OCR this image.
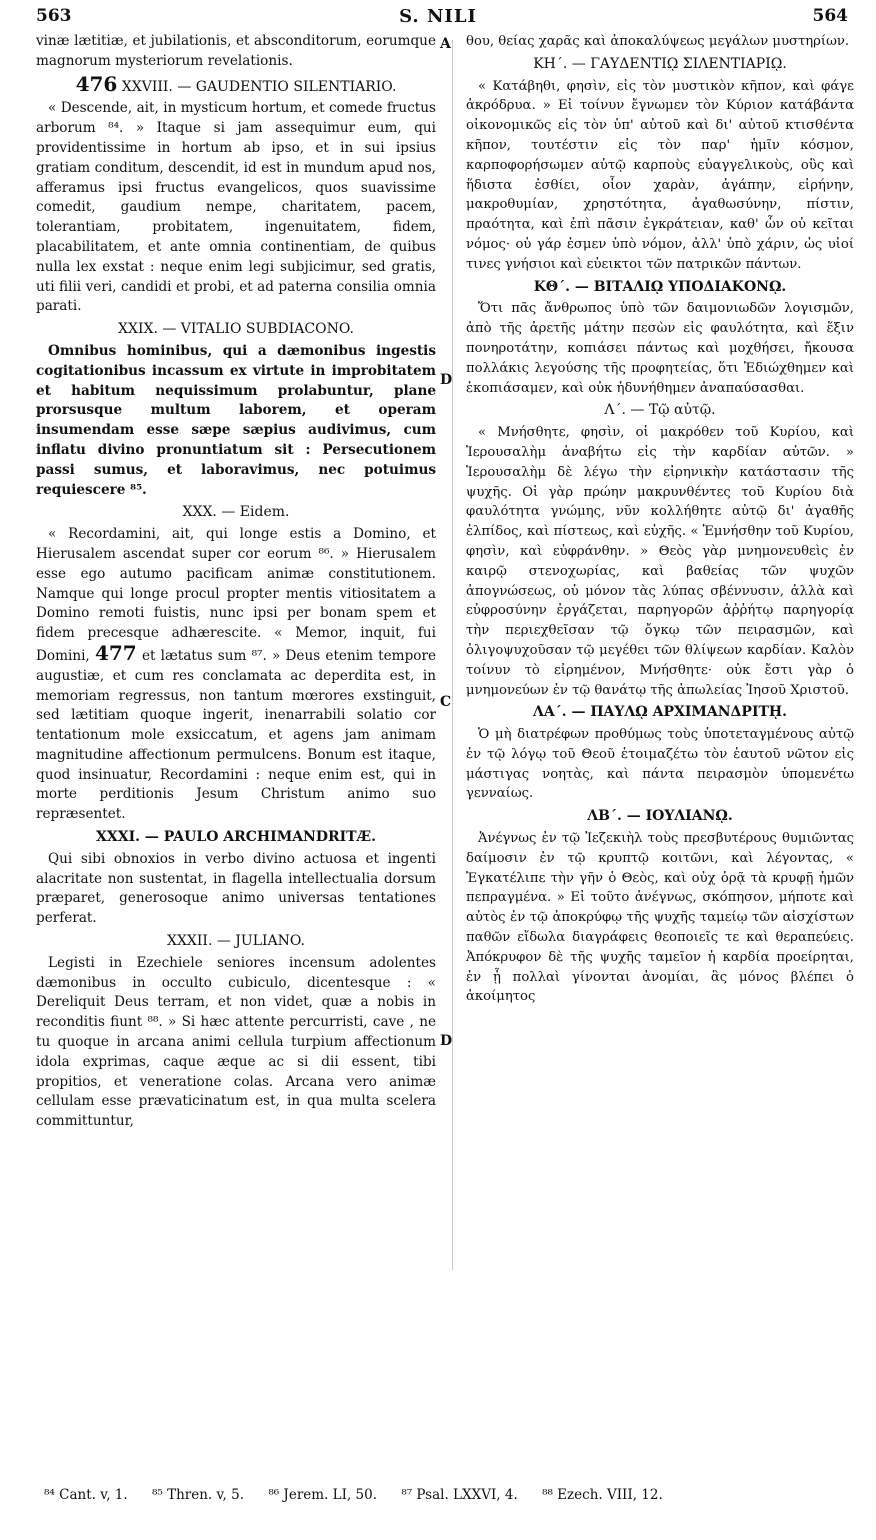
563	S. NILI	564
A
D
C
D

vinæ lætitiæ, et jubilationis, et absconditorum, eorumque magnorum mysteriorum revelationis.

476 XXVIII. — GAUDENTIO SILENTIARIO.

« Descende, ait, in mysticum hortum, et comede fructus arborum ⁸⁴. » Itaque si jam assequimur eum, qui providentissime in hortum ab ipso, et in sui ipsius gratiam conditum, descendit, id est in mundum apud nos, afferamus ipsi fructus evangelicos, quos suavissime comedit, gaudium nempe, charitatem, pacem, tolerantiam, probitatem, ingenuitatem, fidem, placabilitatem, et ante omnia continentiam, de quibus nulla lex exstat : neque enim legi subjicimur, sed gratis, uti filii veri, candidi et probi, et ad paterna consilia omnia parati.

XXIX. — VITALIO SUBDIACONO.

Omnibus hominibus, qui a dæmonibus ingestis cogitationibus incassum ex virtute in improbitatem et habitum nequissimum prolabuntur, plane prorsusque multum laborem, et operam insumendam esse sæpe sæpius audivimus, cum inflatu divino pronuntiatum sit : Persecutionem passi sumus, et laboravimus, nec potuimus requiescere ⁸⁵.

XXX. — Eidem.

« Recordamini, ait, qui longe estis a Domino, et Hierusalem ascendat super cor eorum ⁸⁶. » Hierusalem esse ego autumo pacificam animæ constitutionem. Namque qui longe procul propter mentis vitiositatem a Domino remoti fuistis, nunc ipsi per bonam spem et fidem precesque adhærescite. « Memor, inquit, fui Domini, 477 et lætatus sum ⁸⁷. » Deus etenim tempore augustiæ, et cum res conclamata ac deperdita est, in memoriam regressus, non tantum mœrores exstinguit, sed lætitiam quoque ingerit, inenarrabili solatio cor tentationum mole exsiccatum, et agens jam animam magnitudine affectionum permulcens. Bonum est itaque, quod insinuatur, Recordamini : neque enim est, qui in morte perditionis Jesum Christum animo suo repræsentet.

XXXI. — PAULO ARCHIMANDRITÆ.

Qui sibi obnoxios in verbo divino actuosa et ingenti alacritate non sustentat, in flagella intellectualia dorsum præparet, generosoque animo universas tentationes perferat.

XXXII. — JULIANO.

Legisti in Ezechiele seniores incensum adolentes dæmonibus in occulto cubiculo, dicentesque : « Dereliquit Deus terram, et non videt, quæ a nobis in reconditis fiunt ⁸⁸. » Si hæc attente percurristi, cave , ne tu quoque in arcana animi cellula turpium affectionum idola exprimas, caque æque ac si dii essent, tibi propitios, et veneratione colas. Arcana vero animæ cellulam esse prævaticinatum est, in qua multa scelera committuntur,

θου, θείας χαρᾶς καὶ ἀποκαλύψεως μεγάλων μυστηρίων.

ΚΗ΄. — ΓΑΥΔΕΝΤΙῼ ΣΙΛΕΝΤΙΑΡΙῼ.

« Κατάβηθι, φησὶν, εἰς τὸν μυστικὸν κῆπον, καὶ φάγε ἀκρόδρυα. » Εἰ τοίνυν ἔγνωμεν τὸν Κύριον κατάβάντα οἰκονομικῶς εἰς τὸν ὑπ' αὐτοῦ καὶ δι' αὐτοῦ κτισθέντα κῆπον, τουτέστιν εἰς τὸν παρ' ἡμῖν κόσμον, καρποφορήσωμεν αὐτῷ καρποὺς εὐαγγελικοὺς, οὓς καὶ ἥδιστα ἐσθίει, οἷον χαρὰν, ἀγάπην, εἰρήνην, μακροθυμίαν, χρηστότητα, ἀγαθωσύνην, πίστιν, πραότητα, καὶ ἐπὶ πᾶσιν ἐγκράτειαν, καθ' ὧν οὐ κεῖται νόμος· οὐ γάρ ἐσμεν ὑπὸ νόμον, ἀλλ' ὑπὸ χάριν, ὡς υἱοί τινες γνήσιοι καὶ εὐεικτοι τῶν πατρικῶν πάντων.

ΚΘ΄. — ΒΙΤΑΛΙῼ ΥΠΟΔΙΑΚΟΝῼ.

Ὅτι πᾶς ἄνθρωπος ὑπὸ τῶν δαιμονιωδῶν λογισμῶν, ἀπὸ τῆς ἀρετῆς μάτην πεσὼν εἰς φαυλότητα, καὶ ἕξιν πονηροτάτην, κοπιάσει πάντως καὶ μοχθήσει, ἤκουσα πολλάκις λεγούσης τῆς προφητείας, ὅτι Ἐδιώχθημεν καὶ ἐκοπιάσαμεν, καὶ οὐκ ἠδυνήθημεν ἀναπαύσασθαι.

Λ΄. — Τῷ αὐτῷ.

« Μνήσθητε, φησὶν, οἱ μακρόθεν τοῦ Κυρίου, καὶ Ἱερουσαλὴμ ἀναβήτω εἰς τὴν καρδίαν αὐτῶν. » Ἱερουσαλὴμ δὲ λέγω τὴν εἰρηνικὴν κατάστασιν τῆς ψυχῆς. Οἱ γὰρ πρώην μακρυνθέντες τοῦ Κυρίου διὰ φαυλότητα γνώμης, νῦν κολλήθητε αὐτῷ δι' ἀγαθῆς ἐλπίδος, καὶ πίστεως, καὶ εὐχῆς. « Ἐμνήσθην τοῦ Κυρίου, φησὶν, καὶ εὐφράνθην. » Θεὸς γὰρ μνημονευθεὶς ἐν καιρῷ στενοχωρίας, καὶ βαθείας τῶν ψυχῶν ἀπογνώσεως, οὐ μόνον τὰς λύπας σβέννυσιν, ἀλλὰ καὶ εὐφροσύνην ἐργάζεται, παρηγορῶν ἀῤῥήτῳ παρηγορίᾳ τὴν περιεχθεῖσαν τῷ ὄγκῳ τῶν πειρασμῶν, καὶ ὀλιγοψυχοῦσαν τῷ μεγέθει τῶν θλίψεων καρδίαν. Καλὸν τοίνυν τὸ εἰρημένον, Μνήσθητε· οὐκ ἔστι γὰρ ὁ μνημονεύων ἐν τῷ θανάτῳ τῆς ἀπωλείας Ἰησοῦ Χριστοῦ.

ΛΑ΄. — ΠΑΥΛῼ ΑΡΧΙΜΑΝΔΡΙΤῌ.

Ὁ μὴ διατρέφων προθύμως τοὺς ὑποτεταγμένους αὐτῷ ἐν τῷ λόγῳ τοῦ Θεοῦ ἑτοιμαζέτω τὸν ἑαυτοῦ νῶτον εἰς μάστιγας νοητὰς, καὶ πάντα πειρασμὸν ὑπομενέτω γενναίως.

ΛΒ΄. — ΙΟΥΛΙΑΝῼ.

Ἀνέγνως ἐν τῷ Ἰεζεκιὴλ τοὺς πρεσβυτέρους θυμιῶντας δαίμοσιν ἐν τῷ κρυπτῷ κοιτῶνι, καὶ λέγοντας, « Ἐγκατέλιπε τὴν γῆν ὁ Θεὸς, καὶ οὐχ ὁρᾷ τὰ κρυφῇ ἡμῶν πεπραγμένα. » Εἰ τοῦτο ἀνέγνως, σκόπησον, μήποτε καὶ αὐτὸς ἐν τῷ ἀποκρύφῳ τῆς ψυχῆς ταμείῳ τῶν αἰσχίστων παθῶν εἴδωλα διαγράφεις θεοποιεῖς τε καὶ θεραπεύεις. Ἀπόκρυφον δὲ τῆς ψυχῆς ταμεῖον ἡ καρδία προείρηται, ἐν ᾗ πολλαὶ γίνονται ἀνομίαι, ἃς μόνος βλέπει ὁ ἀκοίμητος

⁸⁴ Cant. v, 1. ⁸⁵ Thren. v, 5. ⁸⁶ Jerem. LI, 50. ⁸⁷ Psal. LXXVI, 4. ⁸⁸ Ezech. VIII, 12.
